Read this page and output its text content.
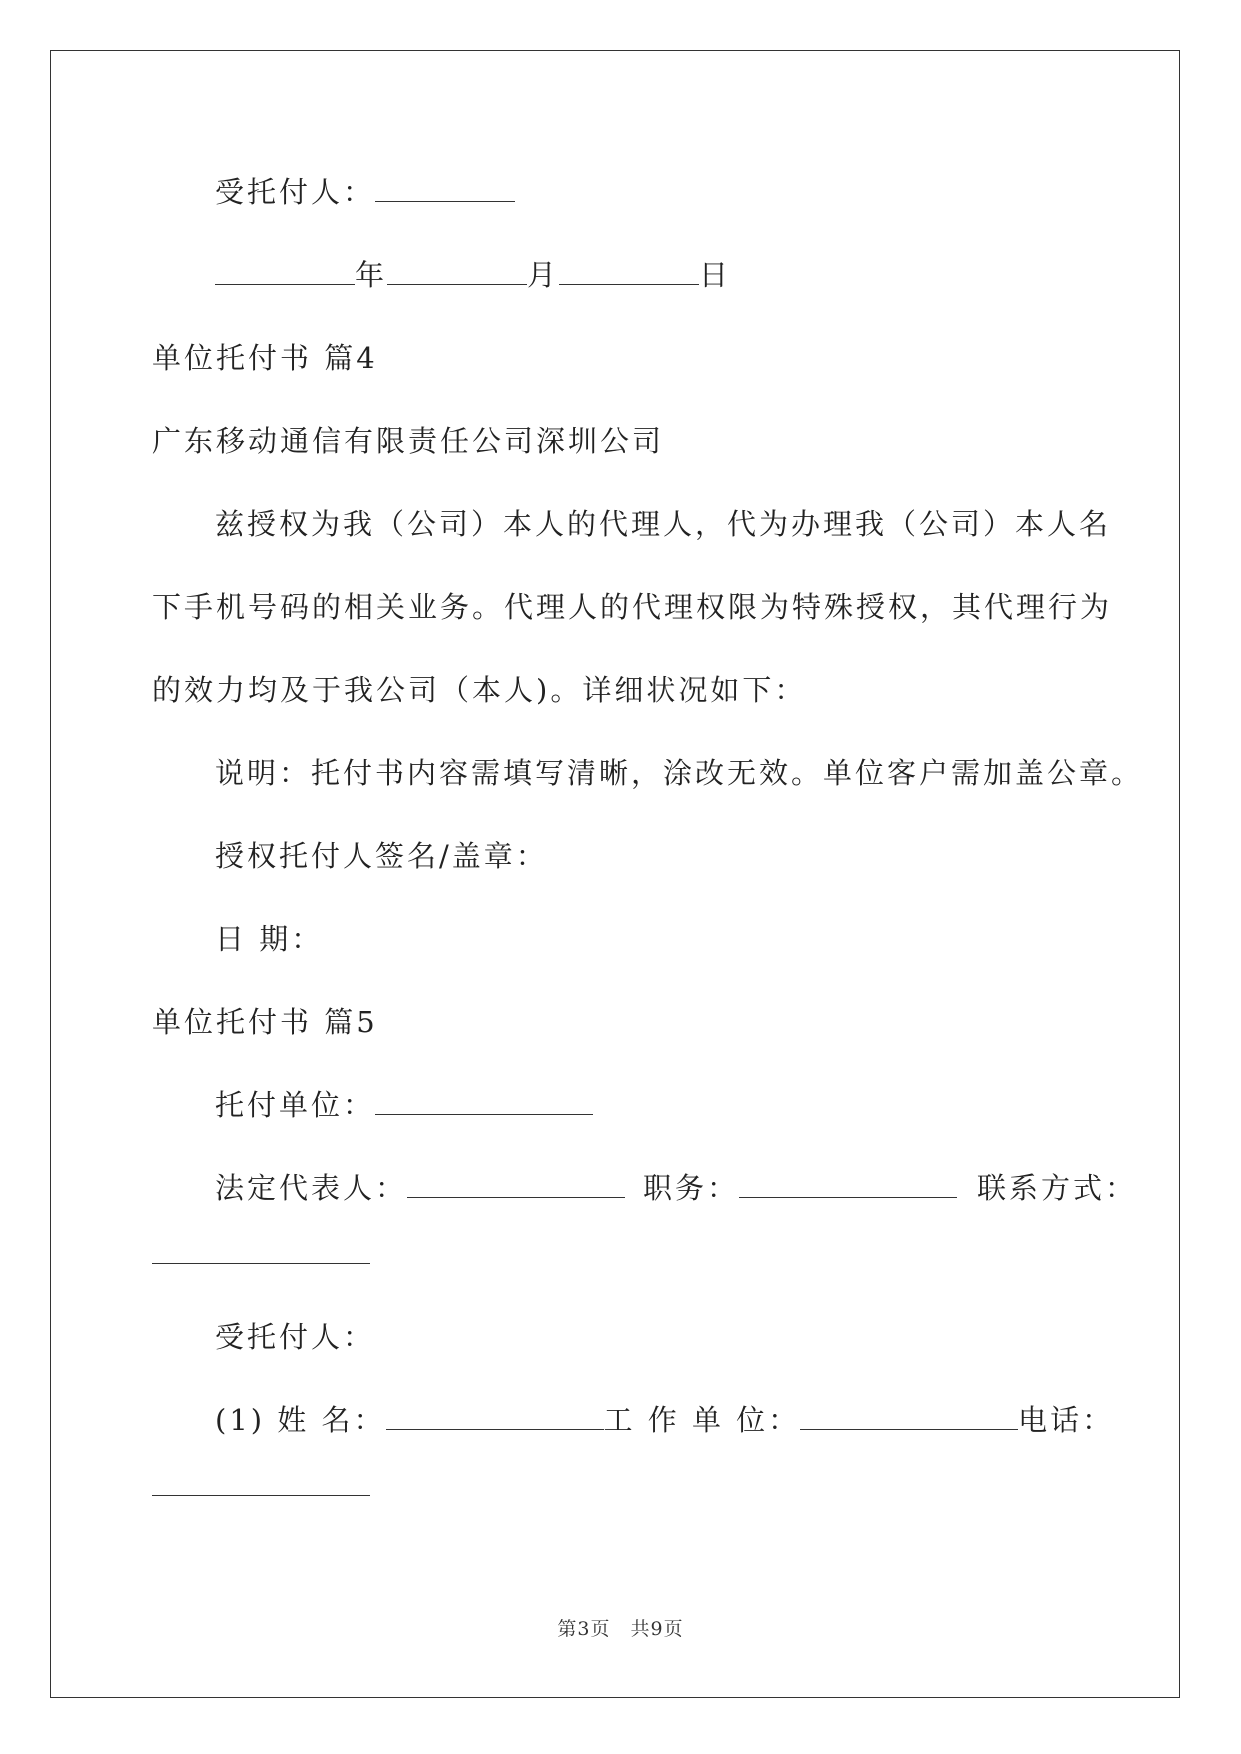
受托付人：
年	月	日
单位托付书 篇4
广东移动通信有限责任公司深圳公司
兹授权为我（公司）本人的代理人，代为办理我（公司）本人名
下手机号码的相关业务。代理人的代理权限为特殊授权，其代理行为
的效力均及于我公司（本人)。详细状况如下：
说明：托付书内容需填写清晰，涂改无效。单位客户需加盖公章。
授权托付人签名/盖章：
日 期：
单位托付书 篇5
托付单位：
法定代表人：	职务：	联系方式：
受托付人：
(1) 姓 名：	工 作 单 位：	电话：
第3页　共9页
